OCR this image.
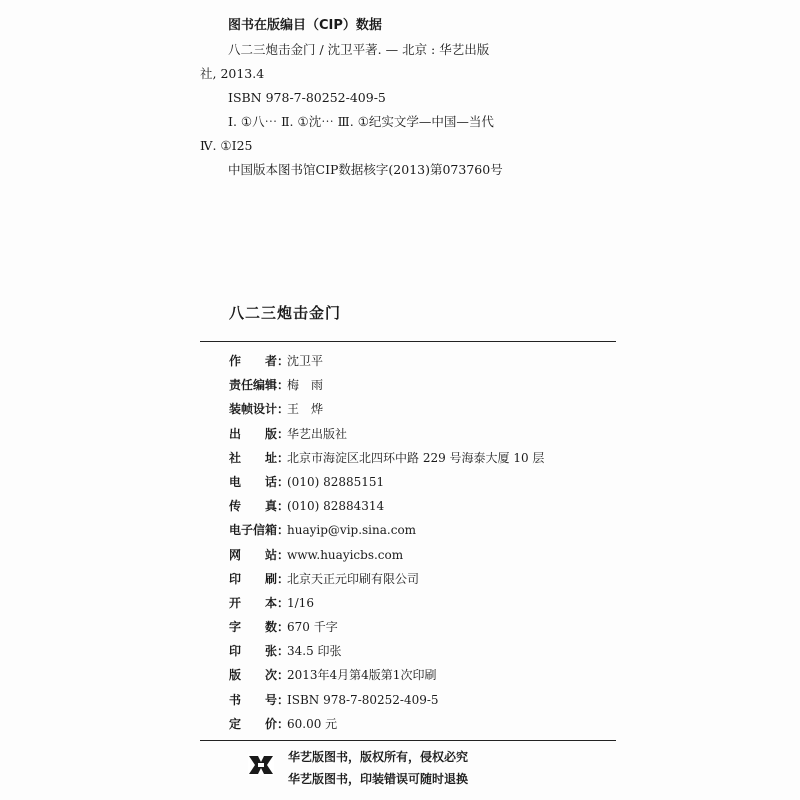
图书在版编目（CIP）数据
八二三炮击金门 / 沈卫平著. — 北京 : 华艺出版
社, 2013.4
ISBN 978-7-80252-409-5
Ⅰ. ①八⋯ Ⅱ. ①沈⋯ Ⅲ. ①纪实文学—中国—当代
Ⅳ. ①I25
中国版本图书馆CIP数据核字(2013)第073760号
八二三炮击金门
作　　者：
沈卫平
责任编辑：
梅　雨
装帧设计：
王　烨
出　　版：
华艺出版社
社　　址：
北京市海淀区北四环中路 229 号海泰大厦 10 层
电　　话：
(010) 82885151
传　　真：
(010) 82884314
电子信箱：
huayip@vip.sina.com
网　　站：
www.huayicbs.com
印　　刷：
北京天正元印刷有限公司
开　　本：
1/16
字　　数：
670 千字
印　　张：
34.5 印张
版　　次：
2013年4月第4版第1次印刷
书　　号：
ISBN 978-7-80252-409-5
定　　价：
60.00 元
华艺版图书，版权所有，侵权必究
华艺版图书，印装错误可随时退换
